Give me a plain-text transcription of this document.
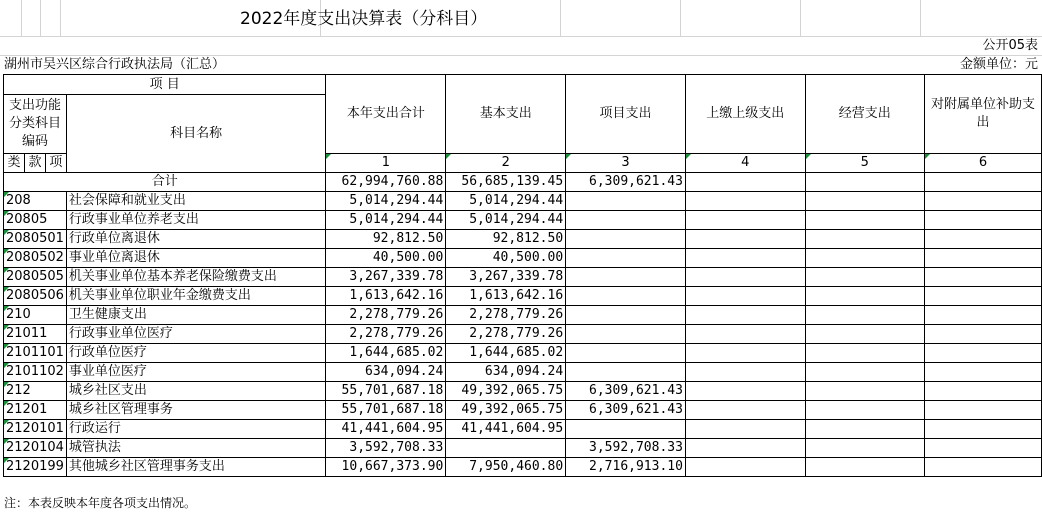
2022年度支出决算表（分科目）
公开05表
湖州市吴兴区综合行政执法局（汇总）	金额单位：元
项 目				本年支出合计	基本支出	项目支出	上缴上级支出	经营支出	对附属单位补助支出
支出功能分类科目编码			科目名称						
类	款	项							
				1	2	3	4	5	6

合计				62,994,760.88	56,685,139.45	6,309,621.43			
208			社会保障和就业支出	5,014,294.44	5,014,294.44				
20805			行政事业单位养老支出	5,014,294.44	5,014,294.44				
2080501			行政单位离退休	92,812.50	92,812.50				
2080502			事业单位离退休	40,500.00	40,500.00				
2080505			机关事业单位基本养老保险缴费支出	3,267,339.78	3,267,339.78				
2080506			机关事业单位职业年金缴费支出	1,613,642.16	1,613,642.16				
210			卫生健康支出	2,278,779.26	2,278,779.26				
21011			行政事业单位医疗	2,278,779.26	2,278,779.26				
2101101			行政单位医疗	1,644,685.02	1,644,685.02				
2101102			事业单位医疗	634,094.24	634,094.24				
212			城乡社区支出	55,701,687.18	49,392,065.75	6,309,621.43			
21201			城乡社区管理事务	55,701,687.18	49,392,065.75	6,309,621.43			
2120101			行政运行	41,441,604.95	41,441,604.95				
2120104			城管执法	3,592,708.33		3,592,708.33			
2120199			其他城乡社区管理事务支出	10,667,373.90	7,950,460.80	2,716,913.10			
注：本表反映本年度各项支出情况。
